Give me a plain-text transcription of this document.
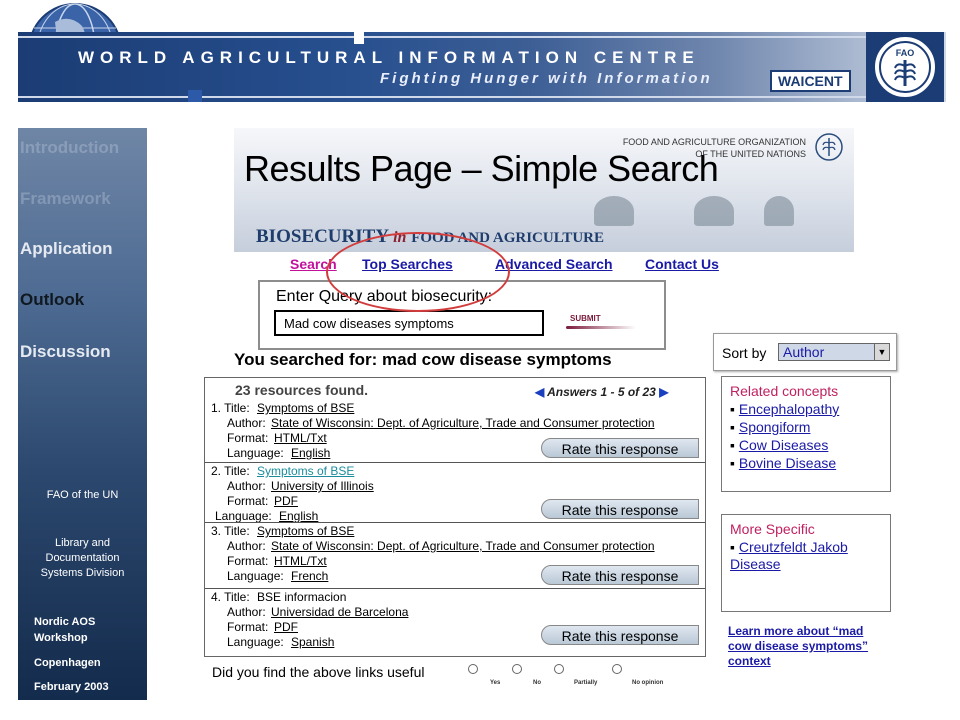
WORLD AGRICULTURAL INFORMATION CENTRE
Fighting Hunger with Information	WAICENT
FAO
Introduction
Framework
Application
Outlook
Discussion
FAO of the UN
Library and
Documentation
Systems Division
Nordic AOS
Workshop
Copenhagen
February 2003
FOOD AND AGRICULTURE ORGANIZATION
OF THE UNITED NATIONS
Results Page – Simple Search
BIOSECURITY in FOOD AND AGRICULTURE
Search Top Searches	Advanced Search Contact Us
Enter Query about biosecurity:
Mad cow diseases symptoms
SUBMIT
You searched for: mad cow disease symptoms	Sort by	Author	▼
23 resources found.	◀ Answers 1 - 5 of 23 ▶
1. Title: Symptoms of BSE
Author: State of Wisconsin: Dept. of Agriculture, Trade and Consumer protection
Format: HTML/Txt
Language: English	Rate this response
2. Title: Symptoms of BSE
Author: University of Illinois
Format: PDF
Language: English	Rate this response
3. Title: Symptoms of BSE
Author: State of Wisconsin: Dept. of Agriculture, Trade and Consumer protection
Format: HTML/Txt
Language: French	Rate this response
4. Title: BSE informacion
Author: Universidad de Barcelona
Format: PDF
Language: Spanish	Rate this response
Did you find the above links useful
Yes	No	Partially	No opinion
Related concepts
▪ Encephalopathy
▪ Spongiform
▪ Cow Diseases
▪ Bovine Disease
More Specific
▪ Creutzfeldt Jakob
Disease
Learn more about “mad
cow disease symptoms”
context
